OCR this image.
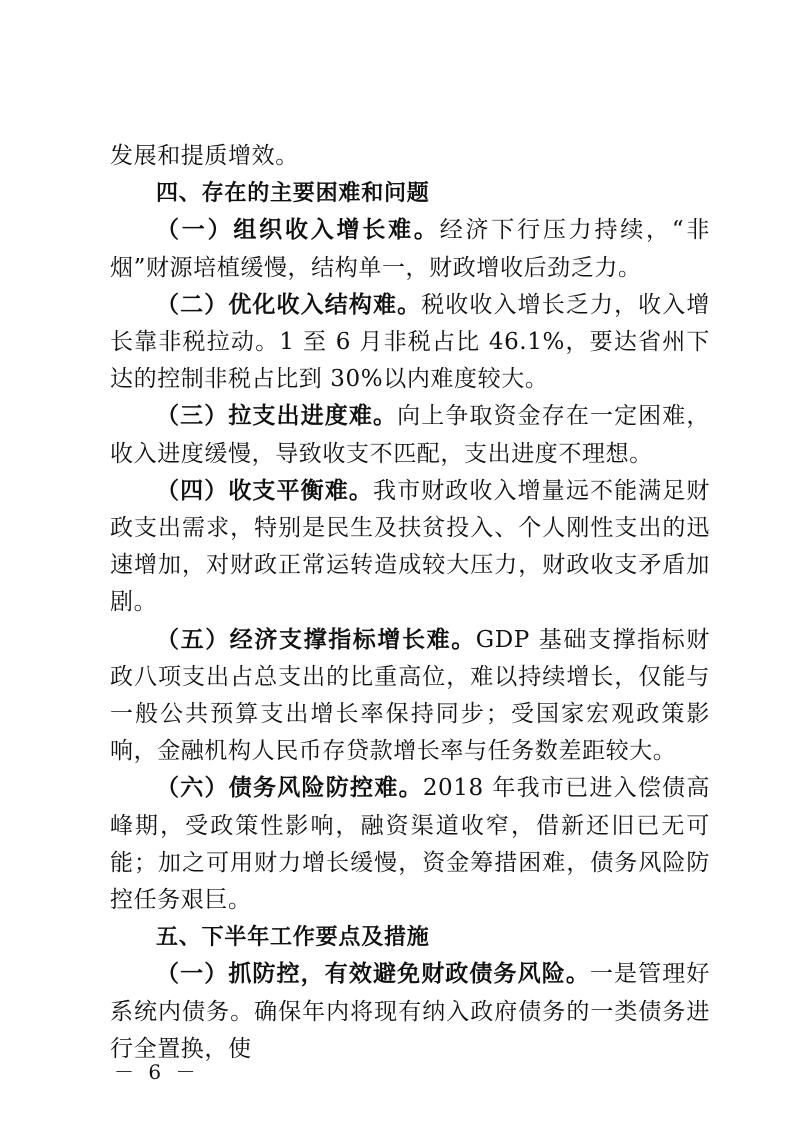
发展和提质增效。

四、存在的主要困难和问题

（一）组织收入增长难。经济下行压力持续，“非烟”财源培植缓慢，结构单一，财政增收后劲乏力。

（二）优化收入结构难。税收收入增长乏力，收入增长靠非税拉动。1 至 6 月非税占比 46.1%，要达省州下达的控制非税占比到 30%以内难度较大。

（三）拉支出进度难。向上争取资金存在一定困难，收入进度缓慢，导致收支不匹配，支出进度不理想。

（四）收支平衡难。我市财政收入增量远不能满足财政支出需求，特别是民生及扶贫投入、个人刚性支出的迅速增加，对财政正常运转造成较大压力，财政收支矛盾加剧。

（五）经济支撑指标增长难。GDP 基础支撑指标财政八项支出占总支出的比重高位，难以持续增长，仅能与一般公共预算支出增长率保持同步；受国家宏观政策影响，金融机构人民币存贷款增长率与任务数差距较大。

（六）债务风险防控难。2018 年我市已进入偿债高峰期，受政策性影响，融资渠道收窄，借新还旧已无可能；加之可用财力增长缓慢，资金筹措困难，债务风险防控任务艰巨。

五、下半年工作要点及措施

（一）抓防控，有效避免财政债务风险。一是管理好系统内债务。确保年内将现有纳入政府债务的一类债务进行全置换，使

－ 6 －
